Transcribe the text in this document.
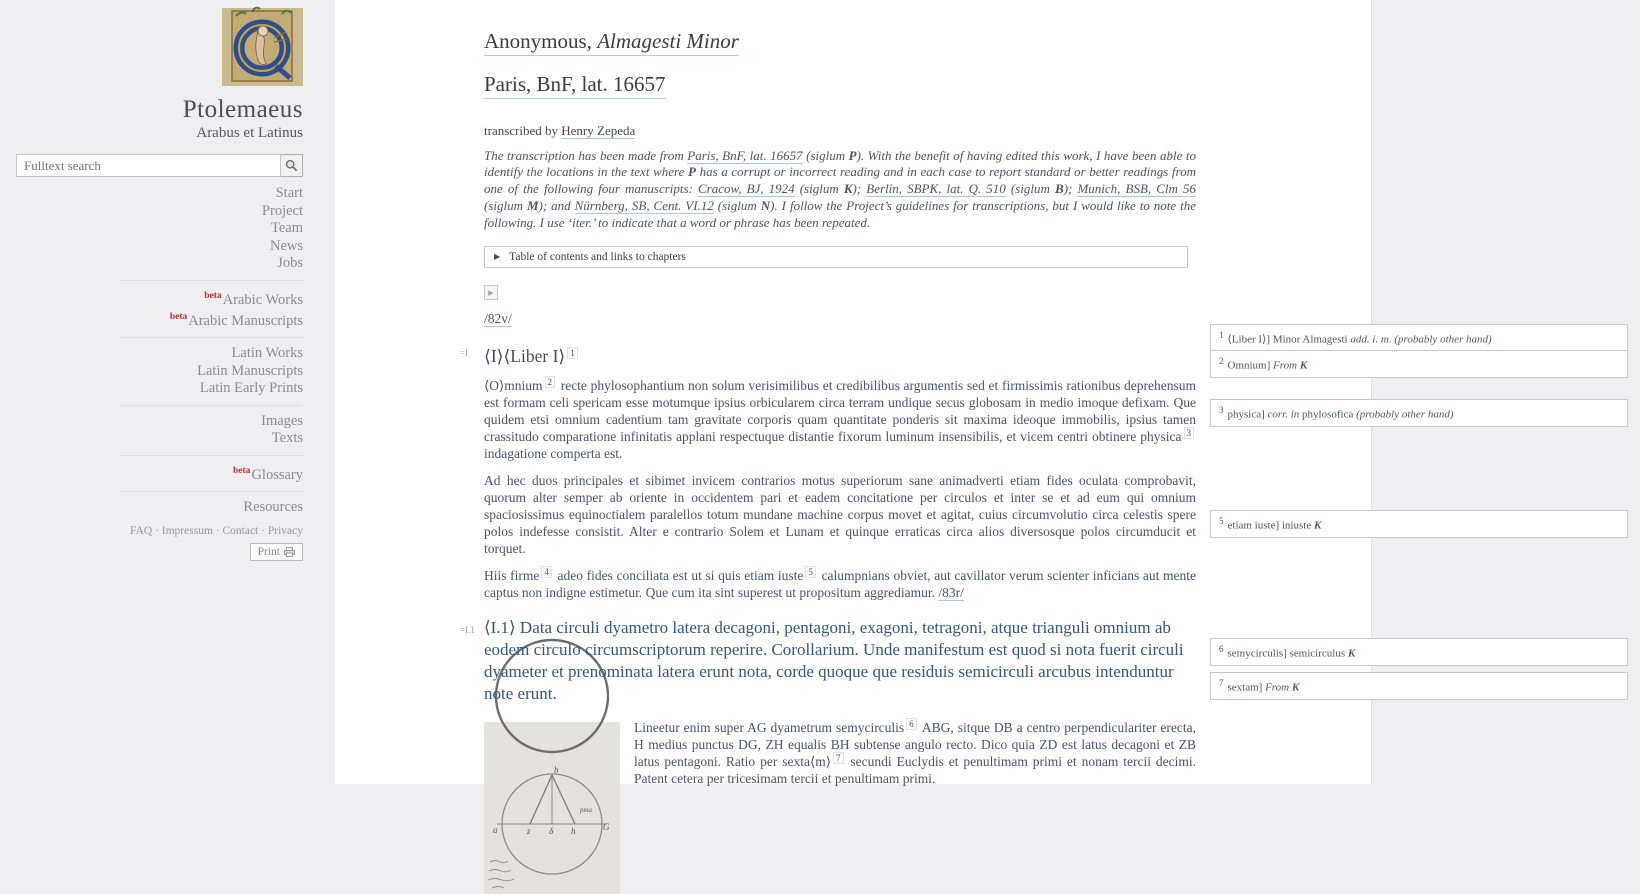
Ptolemaeus
Arabus et Latinus
Fulltext search
Start
Project
Team
News
Jobs
$^{beta}$Arabic Works
$^{beta}$Arabic Manuscripts
Latin Works
Latin Manuscripts
Latin Early Prints
Images
Texts
$^{beta}$Glossary
Resources
FAQ · Impressum · Contact · Privacy
Print
Anonymous, Almagesti Minor
Paris, BnF, lat. 16657
transcribed by Henry Zepeda

The transcription has been made from Paris, BnF, lat. 16657 (siglum P). With the benefit of having edited this work, I have been able to identify the locations in the text where P has a corrupt or incorrect reading and in each case to report standard or better readings from one of the following four manuscripts: Cracow, BJ, 1924 (siglum K); Berlin, SBPK, lat. Q. 510 (siglum B); Munich, BSB, Clm 56 (siglum M); and Nürnberg, SB, Cent. VI.12 (siglum N). I follow the Project’s guidelines for transcriptions, but I would like to note the following. I use ‘iter.’ to indicate that a word or phrase has been repeated.

▶ Table of contents and links to chapters
▶
/82v/
=I ⟨I⟩⟨Liber I⟩ $^1$

⟨O⟩mnium $^2$ recte phylosophantium non solum verisimilibus et credibilibus argumentis sed et firmissimis rationibus deprehensum est formam celi spericam esse motumque ipsius orbicularem circa terram undique secus globosam in medio imoque defixam. Que quidem etsi omnium cadentium tam gravitate corporis quam quantitate ponderis sit maxima ideoque immobilis, ipsius tamen crassitudo comparatione infinitatis applani respectuque distantie fixorum luminum insensibilis, et vicem centri obtinere physica $^3$ indagatione comperta est.

Ad hec duos principales et sibimet invicem contrarios motus superiorum sane animadverti etiam fides oculata comprobavit, quorum alter semper ab oriente in occidentem pari et eadem concitatione per circulos et inter se et ad eum qui omnium spaciosissimus equinoctialem paralellos totum mundane machine corpus movet et agitat, cuius circumvolutio circa celestis spere polos indefesse consistit. Alter e contrario Solem et Lunam et quinque erraticas circa alios diversosque polos circumducit et torquet.

Hiis firme $^4$ adeo fides conciliata est ut si quis etiam iuste $^5$ calumpnians obviet, aut cavillator verum scienter inficians aut mente captus non indigne estimetur. Que cum ita sint superest ut propositum aggrediamur. /83r/

=I.1 ⟨I.1⟩ Data circuli dyametro latera decagoni, pentagoni, exagoni, tetragoni, atque trianguli omnium ab eodem circulo circumscriptorum reperire. Corollarium. Unde manifestum est quod si nota fuerit circuli dyameter et prenominata latera erunt nota, corde quoque que residuis semicirculi arcubus intenduntur note erunt.
a	z δ h	G
b
pma

Lineetur enim super AG dyametrum semycirculis $^6$ ABG, sitque DB a centro perpendiculariter erecta, H medius punctus DG, ZH equalis BH subtense angulo recto. Dico quia ZD est latus decagoni et ZB latus pentagoni. Ratio per sexta⟨m⟩ $^7$ secundi Euclydis et penultimam primi et nonam tercii decimi. Patent cetera per tricesimam tercii et penultimam primi.

$^1$ ⟨Liber I⟩] Minor Almagesti add. i. m. (probably other hand)
$^2$ Omnium] From K
$^3$ physica] corr. in phylosofica (probably other hand)
$^5$ etiam iuste] iniuste K
$^6$ semycirculis] semicirculus K
$^7$ sextam] From K
